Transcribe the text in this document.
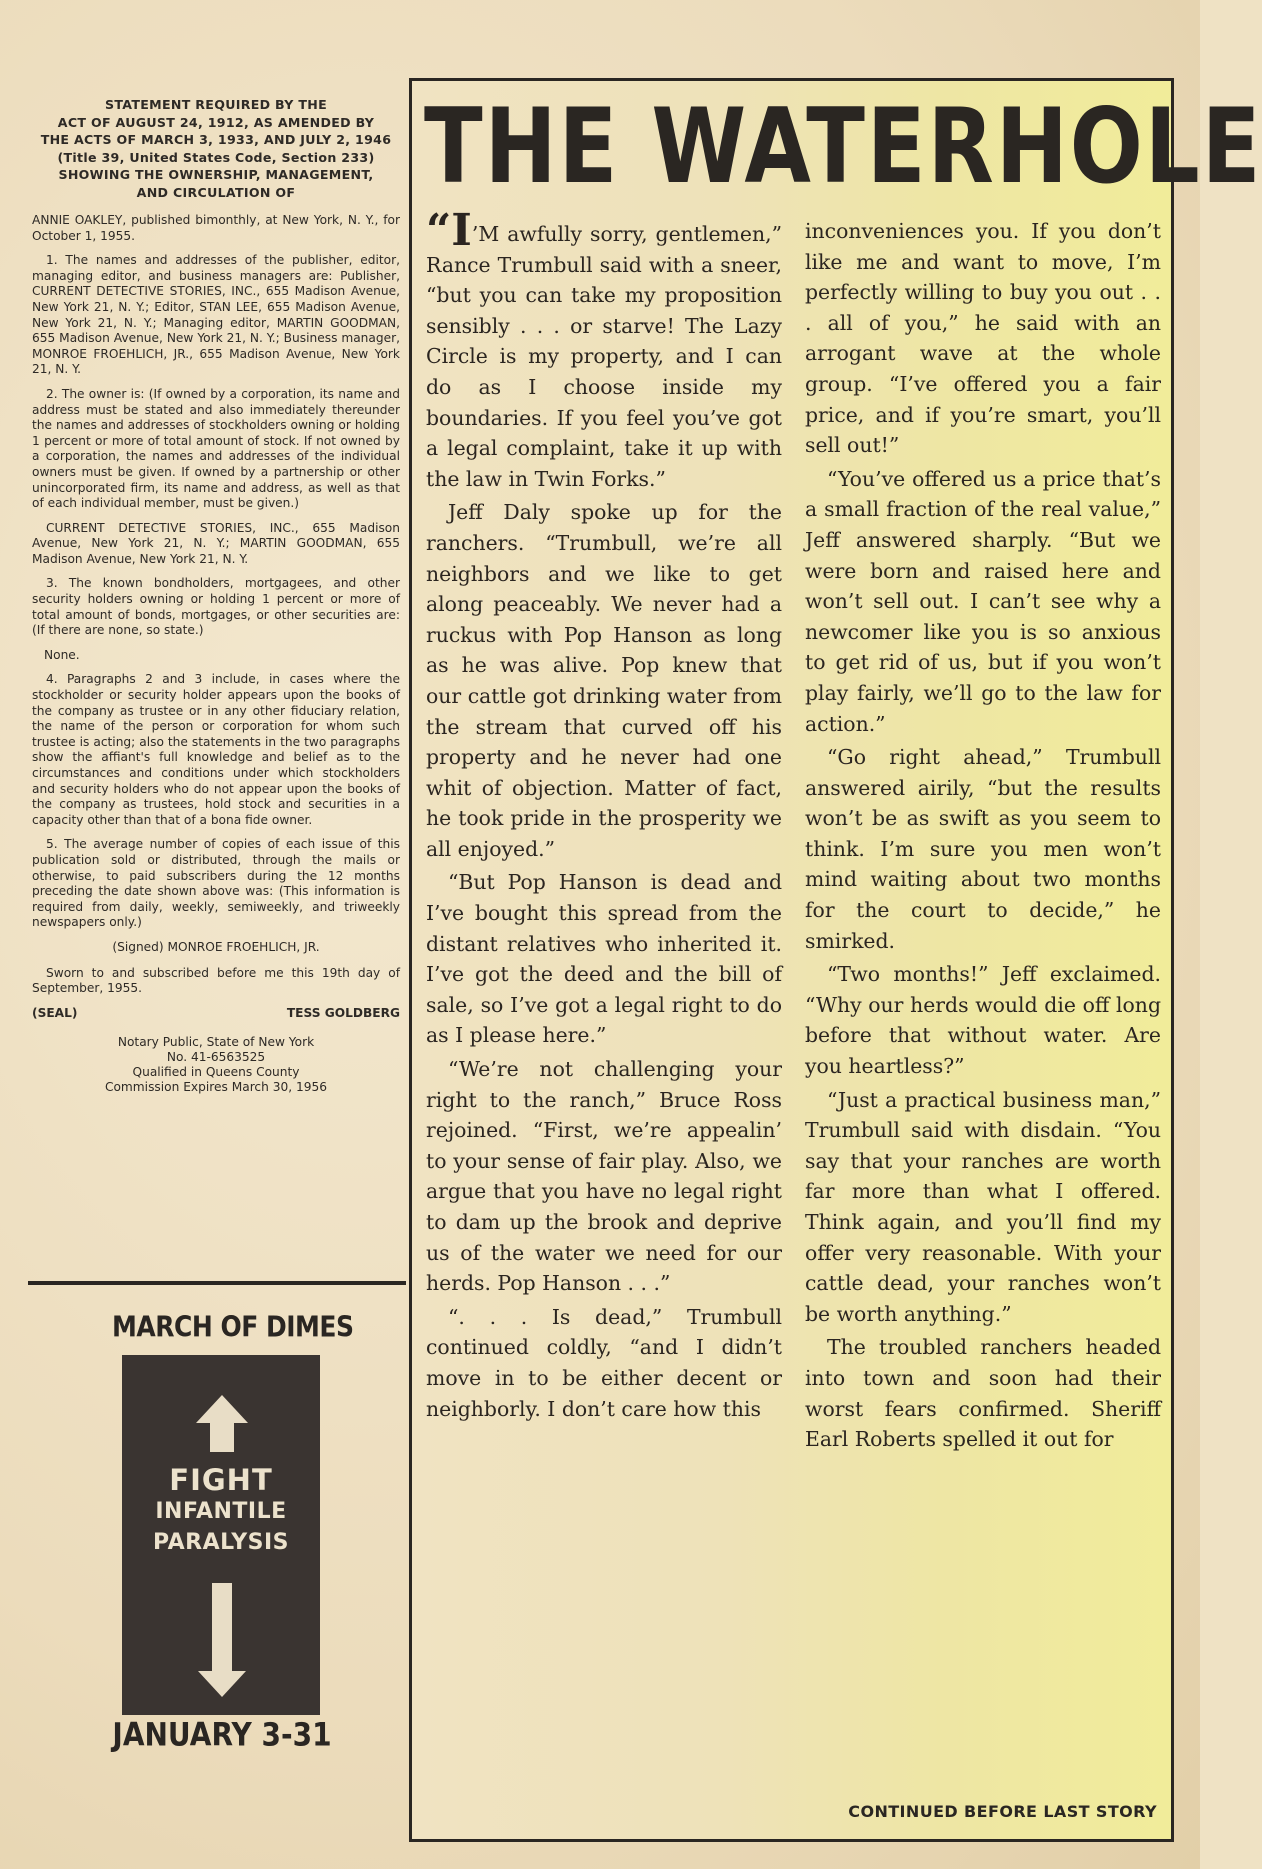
STATEMENT REQUIRED BY THE
ACT OF AUGUST 24, 1912, AS AMENDED BY
THE ACTS OF MARCH 3, 1933, AND JULY 2, 1946
(Title 39, United States Code, Section 233)
SHOWING THE OWNERSHIP, MANAGEMENT,
AND CIRCULATION OF

ANNIE OAKLEY, published bimonthly, at New York, N. Y., for October 1, 1955.

1. The names and addresses of the publisher, editor, managing editor, and business managers are: Publisher, CURRENT DETECTIVE STORIES, INC., 655 Madison Avenue, New York 21, N. Y.; Editor, STAN LEE, 655 Madison Avenue, New York 21, N. Y.; Managing editor, MARTIN GOODMAN, 655 Madison Avenue, New York 21, N. Y.; Business manager, MONROE FROEHLICH, JR., 655 Madison Avenue, New York 21, N. Y.

2. The owner is: (If owned by a corporation, its name and address must be stated and also immediately thereunder the names and addresses of stockholders owning or holding 1 percent or more of total amount of stock. If not owned by a corporation, the names and addresses of the individual owners must be given. If owned by a partnership or other unincorporated firm, its name and address, as well as that of each individual member, must be given.)

CURRENT DETECTIVE STORIES, INC., 655 Madison Avenue, New York 21, N. Y.; MARTIN GOODMAN, 655 Madison Avenue, New York 21, N. Y.

3. The known bondholders, mortgagees, and other security holders owning or holding 1 percent or more of total amount of bonds, mortgages, or other securities are: (If there are none, so state.)

None.

4. Paragraphs 2 and 3 include, in cases where the stockholder or security holder appears upon the books of the company as trustee or in any other fiduciary relation, the name of the person or corporation for whom such trustee is acting; also the statements in the two paragraphs show the affiant's full knowledge and belief as to the circumstances and conditions under which stockholders and security holders who do not appear upon the books of the company as trustees, hold stock and securities in a capacity other than that of a bona fide owner.

5. The average number of copies of each issue of this publication sold or distributed, through the mails or otherwise, to paid subscribers during the 12 months preceding the date shown above was: (This information is required from daily, weekly, semiweekly, and triweekly newspapers only.)

(Signed) MONROE FROEHLICH, JR.

Sworn to and subscribed before me this 19th day of September, 1955.

(SEAL)	TESS GOLDBERG
Notary Public, State of New York
No. 41-6563525
Qualified in Queens County
Commission Expires March 30, 1956
MARCH OF DIMES
FIGHT
INFANTILE
PARALYSIS
JANUARY 3-31
THE WATERHOLE

“I’M awfully sorry, gentlemen,” Rance Trumbull said with a sneer, “but you can take my proposition sensibly . . . or starve! The Lazy Circle is my property, and I can do as I choose inside my boundaries. If you feel you’ve got a legal complaint, take it up with the law in Twin Forks.”

Jeff Daly spoke up for the ranchers. “Trumbull, we’re all neighbors and we like to get along peaceably. We never had a ruckus with Pop Hanson as long as he was alive. Pop knew that our cattle got drinking water from the stream that curved off his property and he never had one whit of objection. Matter of fact, he took pride in the prosperity we all enjoyed.”

“But Pop Hanson is dead and I’ve bought this spread from the distant relatives who inherited it. I’ve got the deed and the bill of sale, so I’ve got a legal right to do as I please here.”

“We’re not challenging your right to the ranch,” Bruce Ross rejoined. “First, we’re appealin’ to your sense of fair play. Also, we argue that you have no legal right to dam up the brook and deprive us of the water we need for our herds. Pop Hanson . . .”

“. . . Is dead,” Trumbull continued coldly, “and I didn’t move in to be either decent or neighborly. I don’t care how this

inconveniences you. If you don’t like me and want to move, I’m perfectly willing to buy you out . . . all of you,” he said with an arrogant wave at the whole group. “I’ve offered you a fair price, and if you’re smart, you’ll sell out!”

“You’ve offered us a price that’s a small fraction of the real value,” Jeff answered sharply. “But we were born and raised here and won’t sell out. I can’t see why a newcomer like you is so anxious to get rid of us, but if you won’t play fairly, we’ll go to the law for action.”

“Go right ahead,” Trumbull answered airily, “but the results won’t be as swift as you seem to think. I’m sure you men won’t mind waiting about two months for the court to decide,” he smirked.

“Two months!” Jeff exclaimed. “Why our herds would die off long before that without water. Are you heartless?”

“Just a practical business man,” Trumbull said with disdain. “You say that your ranches are worth far more than what I offered. Think again, and you’ll find my offer very reasonable. With your cattle dead, your ranches won’t be worth anything.”

The troubled ranchers headed into town and soon had their worst fears confirmed. Sheriff Earl Roberts spelled it out for

CONTINUED BEFORE LAST STORY
